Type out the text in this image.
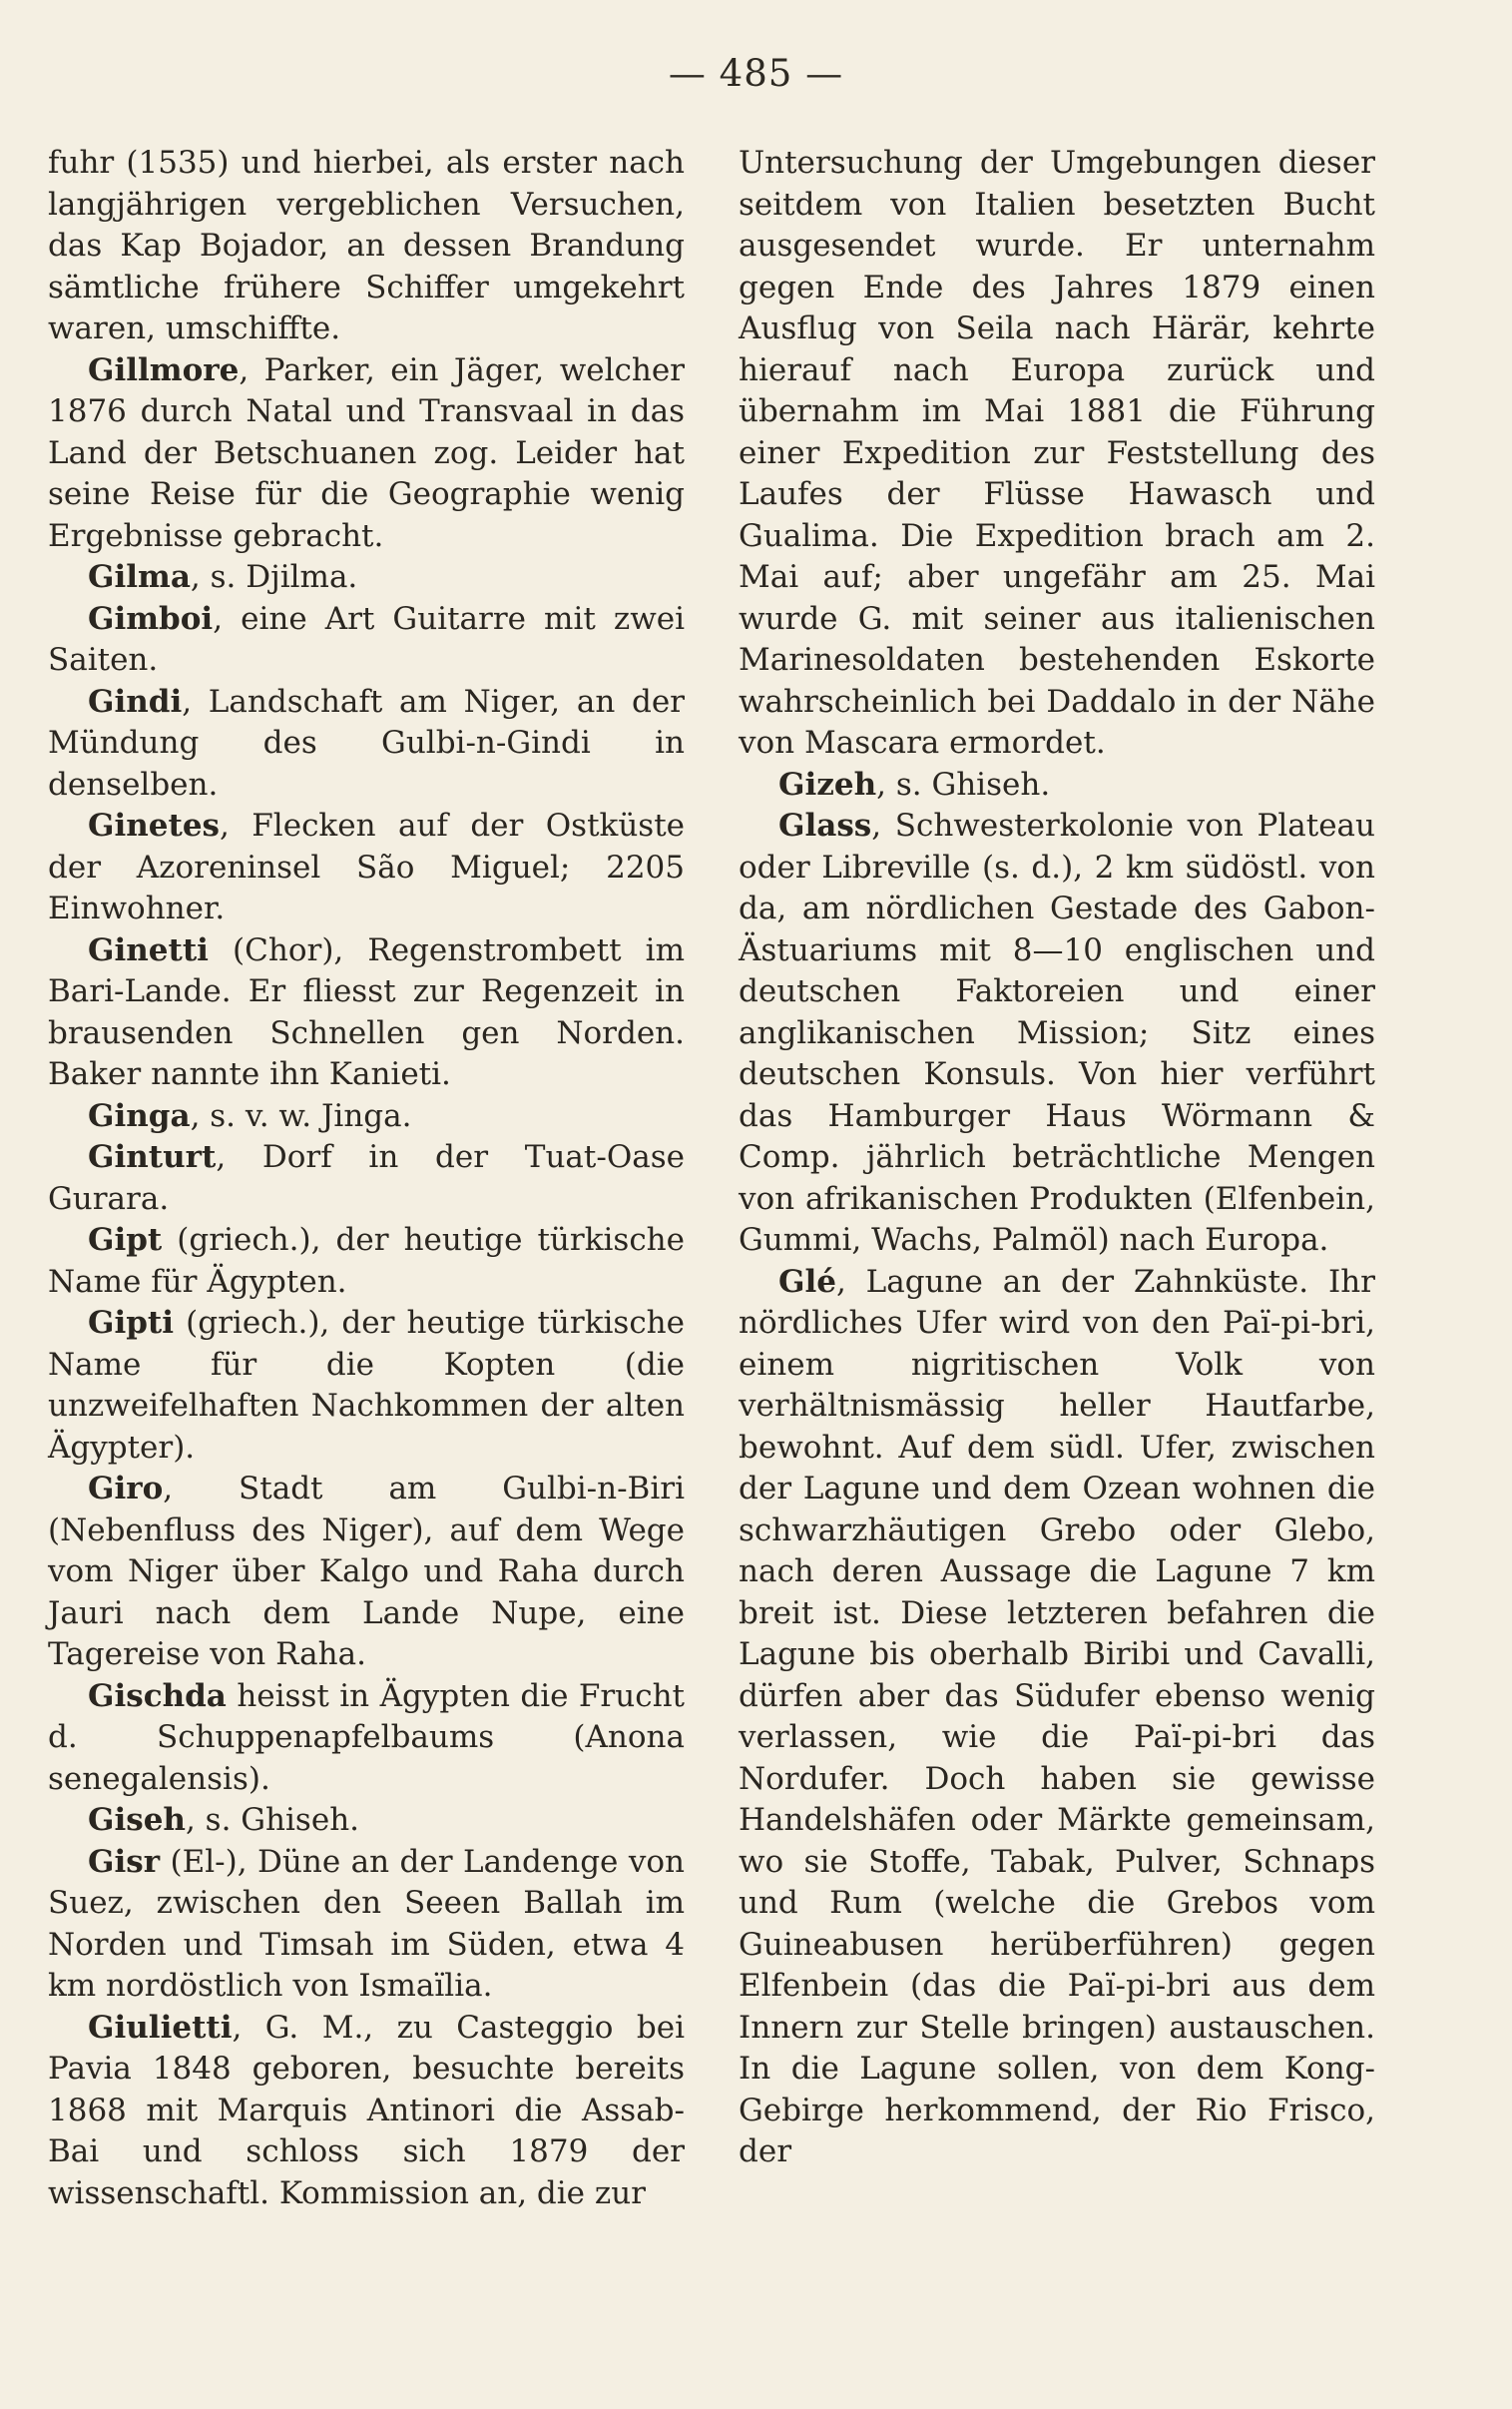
— 485 —

fuhr (1535) und hierbei, als erster nach langjährigen vergeblichen Versuchen, das Kap Bojador, an dessen Brandung sämtliche frühere Schiffer umgekehrt waren, umschiffte.

Gillmore, Parker, ein Jäger, welcher 1876 durch Natal und Transvaal in das Land der Betschuanen zog. Leider hat seine Reise für die Geographie wenig Ergebnisse gebracht.

Gilma, s. Djilma.

Gimboi, eine Art Guitarre mit zwei Saiten.

Gindi, Landschaft am Niger, an der Mündung des Gulbi-n-Gindi in denselben.

Ginetes, Flecken auf der Ostküste der Azoreninsel São Miguel; 2205 Einwohner.

Ginetti (Chor), Regenstrombett im Bari-Lande. Er fliesst zur Regenzeit in brausenden Schnellen gen Norden. Baker nannte ihn Kanieti.

Ginga, s. v. w. Jinga.

Ginturt, Dorf in der Tuat-Oase Gurara.

Gipt (griech.), der heutige türkische Name für Ägypten.

Gipti (griech.), der heutige türkische Name für die Kopten (die unzweifelhaften Nachkommen der alten Ägypter).

Giro, Stadt am Gulbi-n-Biri (Nebenfluss des Niger), auf dem Wege vom Niger über Kalgo und Raha durch Jauri nach dem Lande Nupe, eine Tagereise von Raha.

Gischda heisst in Ägypten die Frucht d. Schuppenapfelbaums (Anona senegalensis).

Giseh, s. Ghiseh.

Gisr (El-), Düne an der Landenge von Suez, zwischen den Seeen Ballah im Norden und Timsah im Süden, etwa 4 km nordöstlich von Ismaïlia.

Giulietti, G. M., zu Casteggio bei Pavia 1848 geboren, besuchte bereits 1868 mit Marquis Antinori die Assab-Bai und schloss sich 1879 der wissenschaftl. Kommission an, die zur

Untersuchung der Umgebungen dieser seitdem von Italien besetzten Bucht ausgesendet wurde. Er unternahm gegen Ende des Jahres 1879 einen Ausflug von Seila nach Härär, kehrte hierauf nach Europa zurück und übernahm im Mai 1881 die Führung einer Expedition zur Feststellung des Laufes der Flüsse Hawasch und Gualima. Die Expedition brach am 2. Mai auf; aber ungefähr am 25. Mai wurde G. mit seiner aus italienischen Marinesoldaten bestehenden Eskorte wahrscheinlich bei Daddalo in der Nähe von Mascara ermordet.

Gizeh, s. Ghiseh.

Glass, Schwesterkolonie von Plateau oder Libreville (s. d.), 2 km südöstl. von da, am nördlichen Gestade des Gabon-Ästuariums mit 8—10 englischen und deutschen Faktoreien und einer anglikanischen Mission; Sitz eines deutschen Konsuls. Von hier verführt das Hamburger Haus Wörmann & Comp. jährlich beträchtliche Mengen von afrikanischen Produkten (Elfenbein, Gummi, Wachs, Palmöl) nach Europa.

Glé, Lagune an der Zahnküste. Ihr nördliches Ufer wird von den Paï-pi-bri, einem nigritischen Volk von verhältnismässig heller Hautfarbe, bewohnt. Auf dem südl. Ufer, zwischen der Lagune und dem Ozean wohnen die schwarzhäutigen Grebo oder Glebo, nach deren Aussage die Lagune 7 km breit ist. Diese letzteren befahren die Lagune bis oberhalb Biribi und Cavalli, dürfen aber das Südufer ebenso wenig verlassen, wie die Paï-pi-bri das Nordufer. Doch haben sie gewisse Handelshäfen oder Märkte gemeinsam, wo sie Stoffe, Tabak, Pulver, Schnaps und Rum (welche die Grebos vom Guineabusen herüberführen) gegen Elfenbein (das die Paï-pi-bri aus dem Innern zur Stelle bringen) austauschen. In die Lagune sollen, von dem Kong-Gebirge herkommend, der Rio Frisco, der
